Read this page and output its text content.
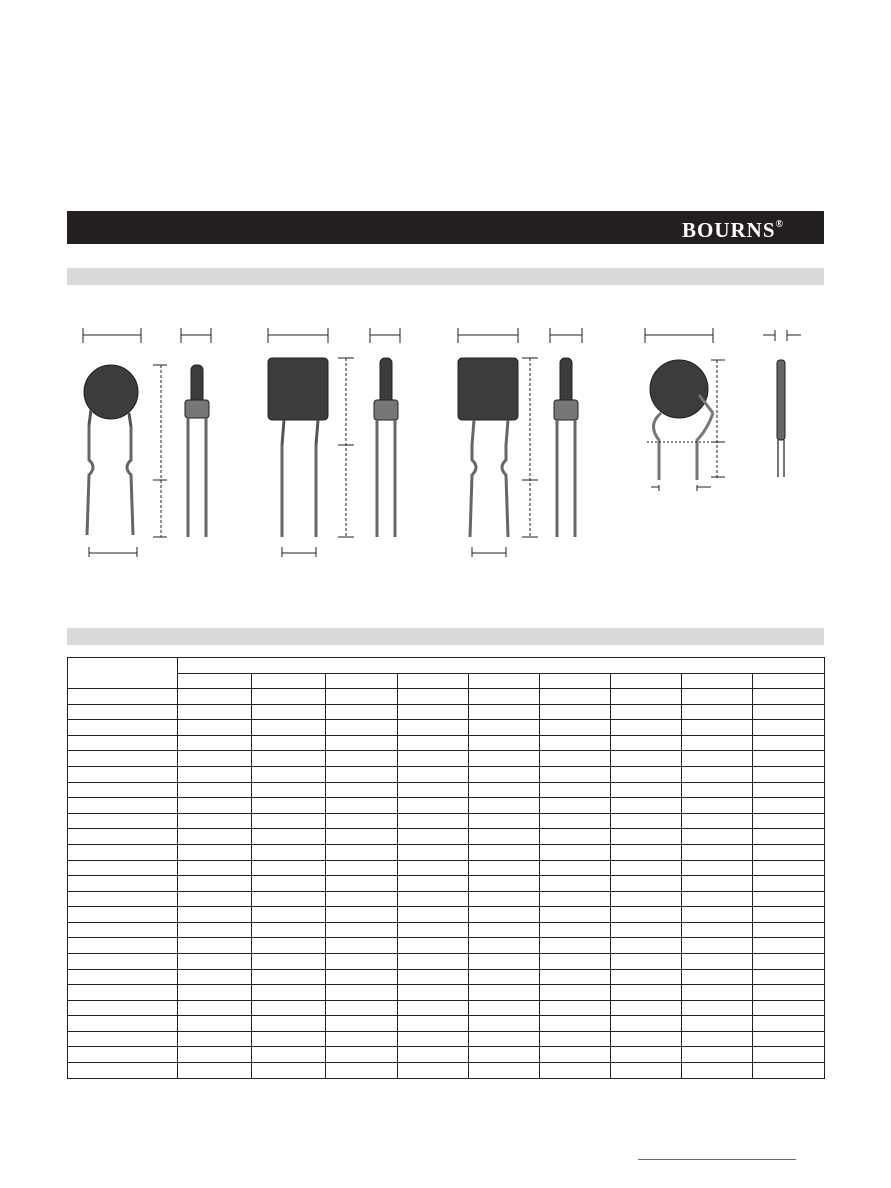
BOURNS®
